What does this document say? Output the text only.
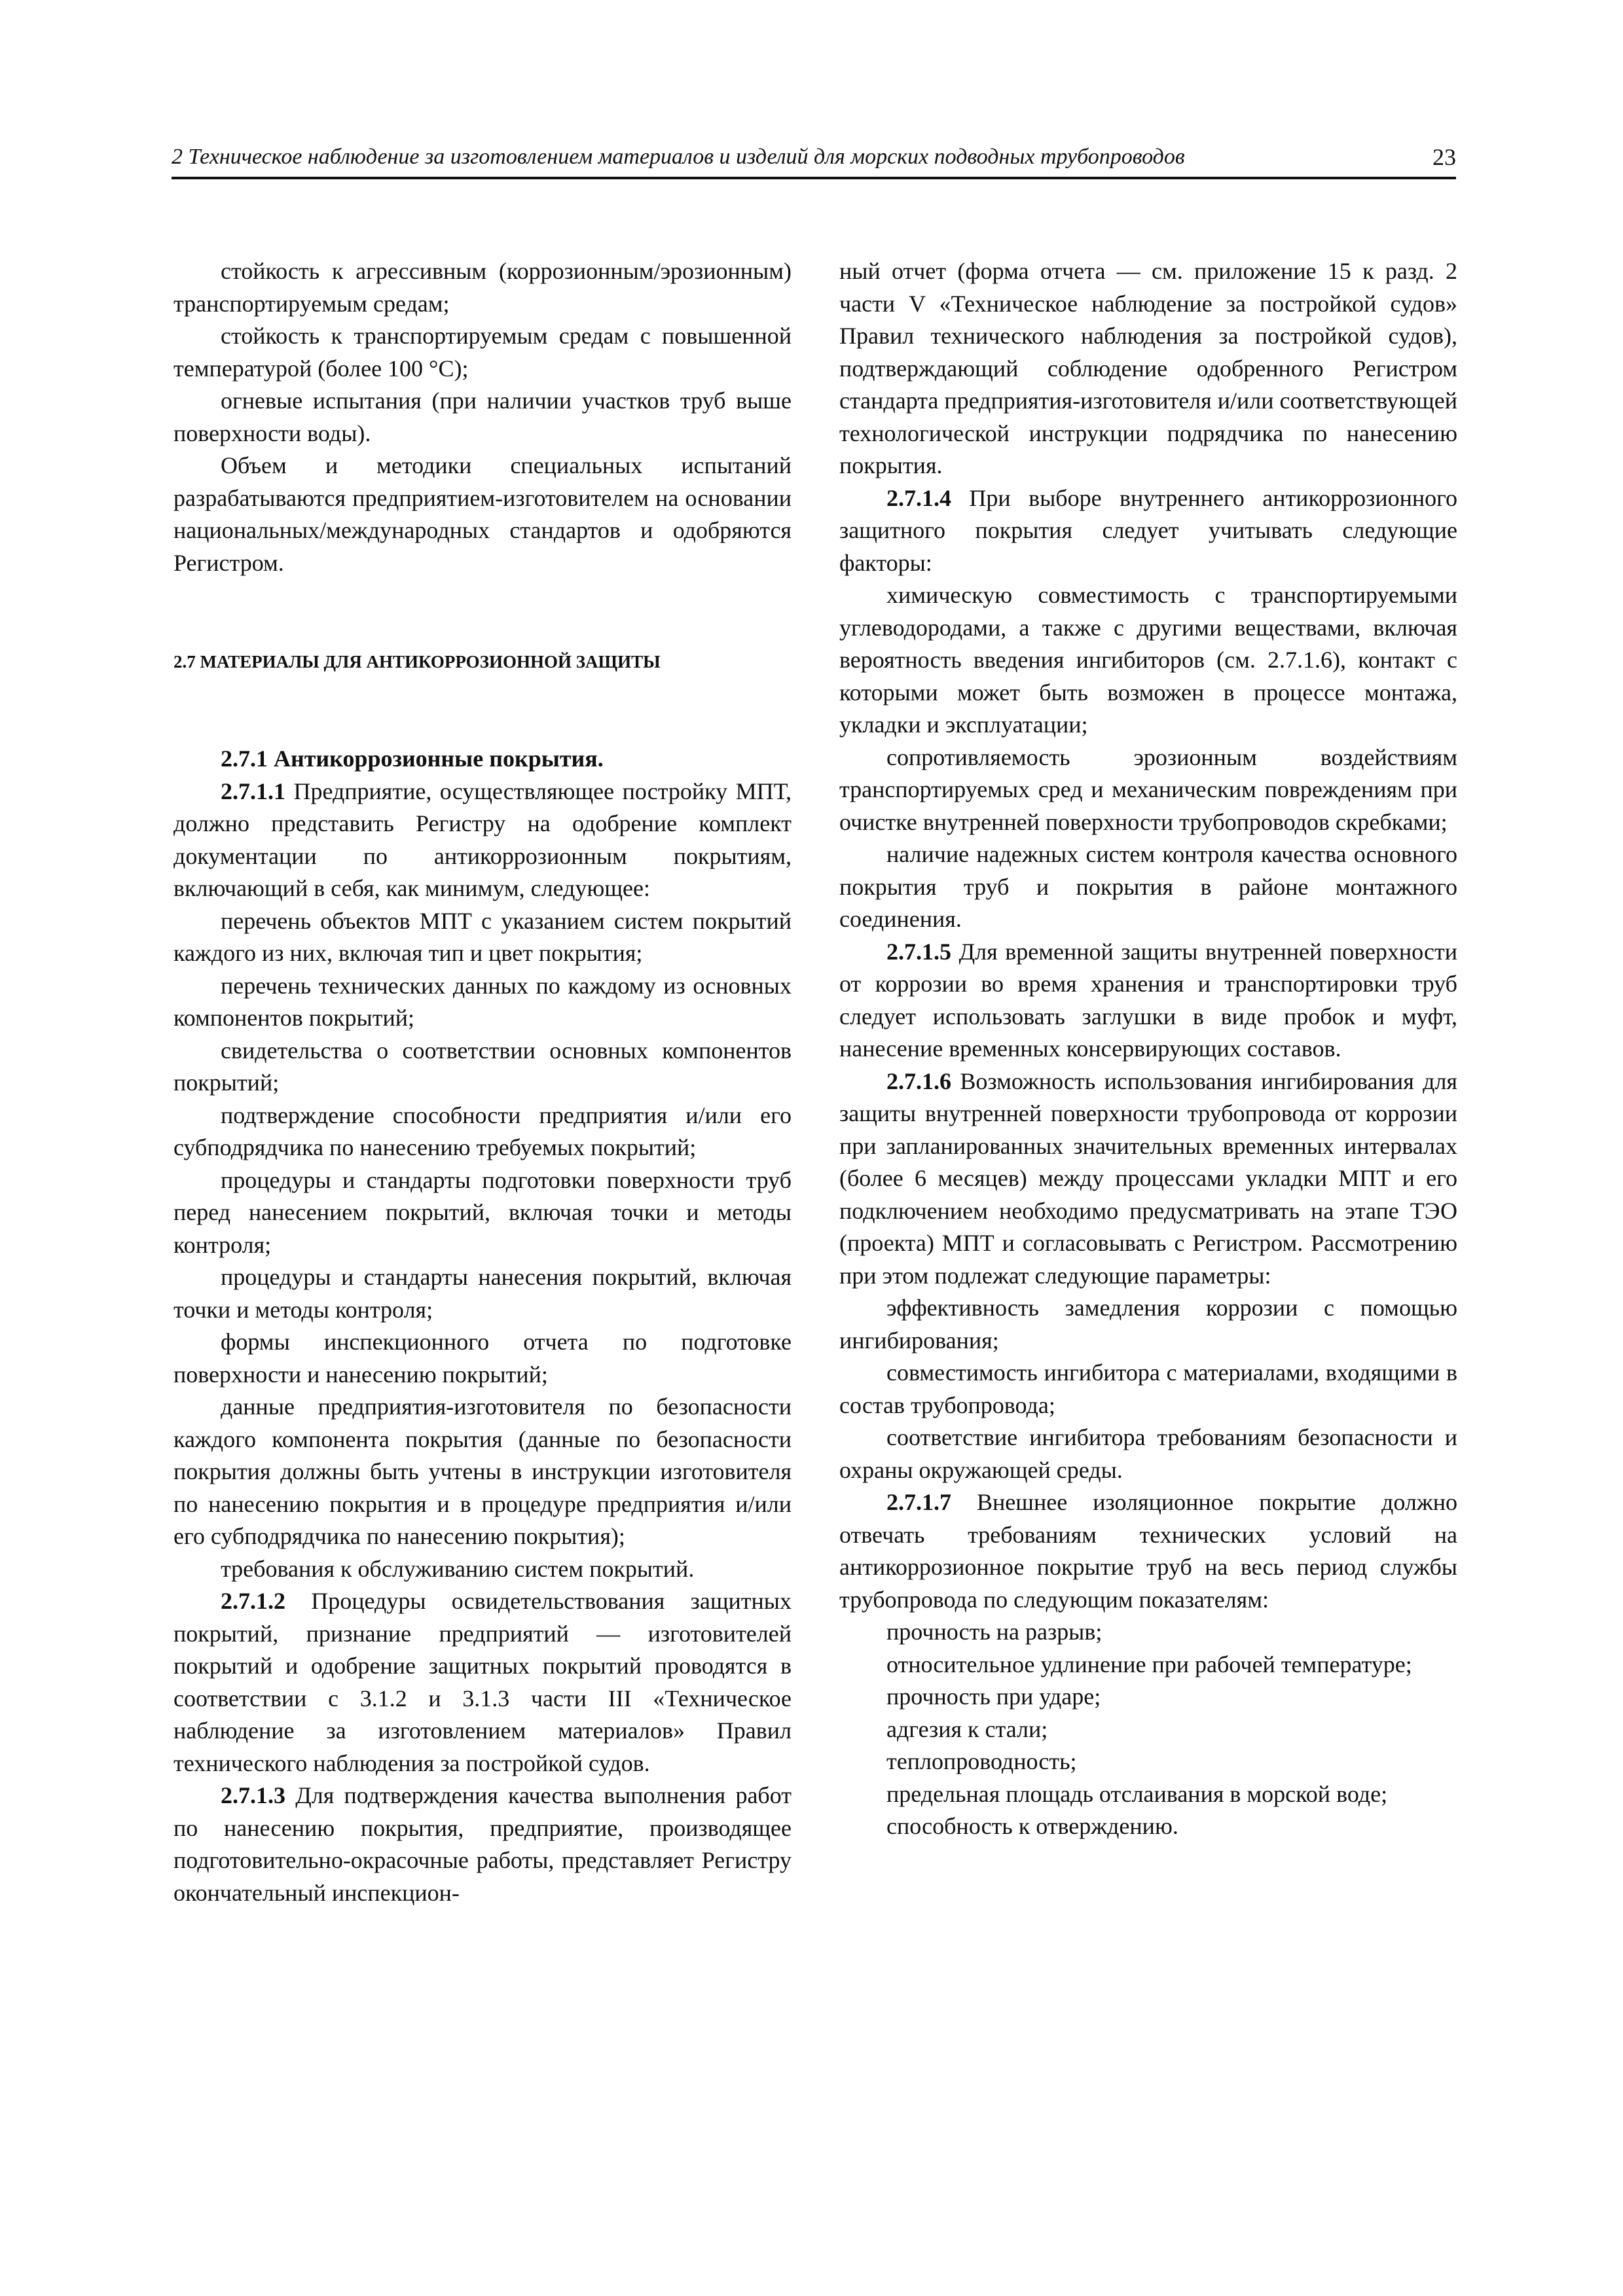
2 Техническое наблюдение за изготовлением материалов и изделий для морских подводных трубопроводов	23

стойкость к агрессивным (коррозионным/эрозионным) транспортируемым средам;

стойкость к транспортируемым средам с повышенной температурой (более 100 °C);

огневые испытания (при наличии участков труб выше поверхности воды).

Объем и методики специальных испытаний разрабатываются предприятием-изготовителем на основании национальных/международных стандартов и одобряются Регистром.

2.7 МАТЕРИАЛЫ ДЛЯ АНТИКОРРОЗИОННОЙ ЗАЩИТЫ

2.7.1 Антикоррозионные покрытия.

2.7.1.1 Предприятие, осуществляющее постройку МПТ, должно представить Регистру на одобрение комплект документации по антикоррозионным покрытиям, включающий в себя, как минимум, следующее:

перечень объектов МПТ с указанием систем покрытий каждого из них, включая тип и цвет покрытия;

перечень технических данных по каждому из основных компонентов покрытий;

свидетельства о соответствии основных компонентов покрытий;

подтверждение способности предприятия и/или его субподрядчика по нанесению требуемых покрытий;

процедуры и стандарты подготовки поверхности труб перед нанесением покрытий, включая точки и методы контроля;

процедуры и стандарты нанесения покрытий, включая точки и методы контроля;

формы инспекционного отчета по подготовке поверхности и нанесению покрытий;

данные предприятия-изготовителя по безопасности каждого компонента покрытия (данные по безопасности покрытия должны быть учтены в инструкции изготовителя по нанесению покрытия и в процедуре предприятия и/или его субподрядчика по нанесению покрытия);

требования к обслуживанию систем покрытий.

2.7.1.2 Процедуры освидетельствования защитных покрытий, признание предприятий — изготовителей покрытий и одобрение защитных покрытий проводятся в соответствии с 3.1.2 и 3.1.3 части III «Техническое наблюдение за изготовлением материалов» Правил технического наблюдения за постройкой судов.

2.7.1.3 Для подтверждения качества выполнения работ по нанесению покрытия, предприятие, производящее подготовительно-окрасочные работы, представляет Регистру окончательный инспекцион-

ный отчет (форма отчета — см. приложение 15 к разд. 2 части V «Техническое наблюдение за постройкой судов» Правил технического наблюдения за постройкой судов), подтверждающий соблюдение одобренного Регистром стандарта предприятия-изготовителя и/или соответствующей технологической инструкции подрядчика по нанесению покрытия.

2.7.1.4 При выборе внутреннего антикоррозионного защитного покрытия следует учитывать следующие факторы:

химическую совместимость с транспортируемыми углеводородами, а также с другими веществами, включая вероятность введения ингибиторов (см. 2.7.1.6), контакт с которыми может быть возможен в процессе монтажа, укладки и эксплуатации;

сопротивляемость эрозионным воздействиям транспортируемых сред и механическим повреждениям при очистке внутренней поверхности трубопроводов скребками;

наличие надежных систем контроля качества основного покрытия труб и покрытия в районе монтажного соединения.

2.7.1.5 Для временной защиты внутренней поверхности от коррозии во время хранения и транспортировки труб следует использовать заглушки в виде пробок и муфт, нанесение временных консервирующих составов.

2.7.1.6 Возможность использования ингибирования для защиты внутренней поверхности трубопровода от коррозии при запланированных значительных временных интервалах (более 6 месяцев) между процессами укладки МПТ и его подключением необходимо предусматривать на этапе ТЭО (проекта) МПТ и согласовывать с Регистром. Рассмотрению при этом подлежат следующие параметры:

эффективность замедления коррозии с помощью ингибирования;

совместимость ингибитора с материалами, входящими в состав трубопровода;

соответствие ингибитора требованиям безопасности и охраны окружающей среды.

2.7.1.7 Внешнее изоляционное покрытие должно отвечать требованиям технических условий на антикоррозионное покрытие труб на весь период службы трубопровода по следующим показателям:

прочность на разрыв;

относительное удлинение при рабочей температуре;

прочность при ударе;

адгезия к стали;

теплопроводность;

предельная площадь отслаивания в морской воде;

способность к отверждению.
